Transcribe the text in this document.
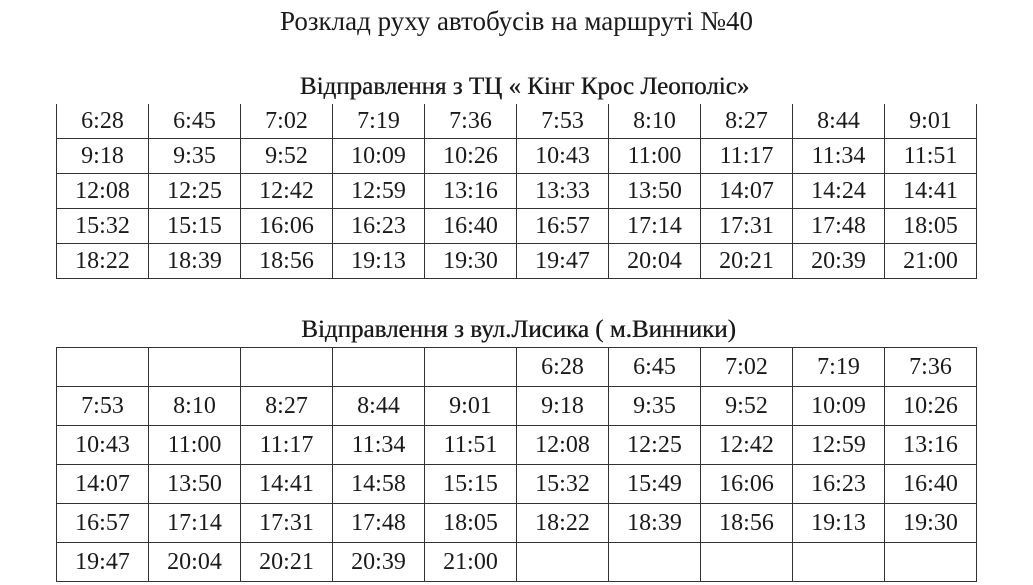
Розклад руху автобусів на маршруті №40
Відправлення з ТЦ « Кінг Крос Леополіс»
6:28	6:45	7:02	7:19	7:36	7:53	8:10	8:27	8:44	9:01
9:18	9:35	9:52	10:09	10:26	10:43	11:00	11:17	11:34	11:51
12:08	12:25	12:42	12:59	13:16	13:33	13:50	14:07	14:24	14:41
15:32	15:15	16:06	16:23	16:40	16:57	17:14	17:31	17:48	18:05
18:22	18:39	18:56	19:13	19:30	19:47	20:04	20:21	20:39	21:00
Відправлення з вул.Лисика ( м.Винники)
					6:28	6:45	7:02	7:19	7:36
7:53	8:10	8:27	8:44	9:01	9:18	9:35	9:52	10:09	10:26
10:43	11:00	11:17	11:34	11:51	12:08	12:25	12:42	12:59	13:16
14:07	13:50	14:41	14:58	15:15	15:32	15:49	16:06	16:23	16:40
16:57	17:14	17:31	17:48	18:05	18:22	18:39	18:56	19:13	19:30
19:47	20:04	20:21	20:39	21:00					
